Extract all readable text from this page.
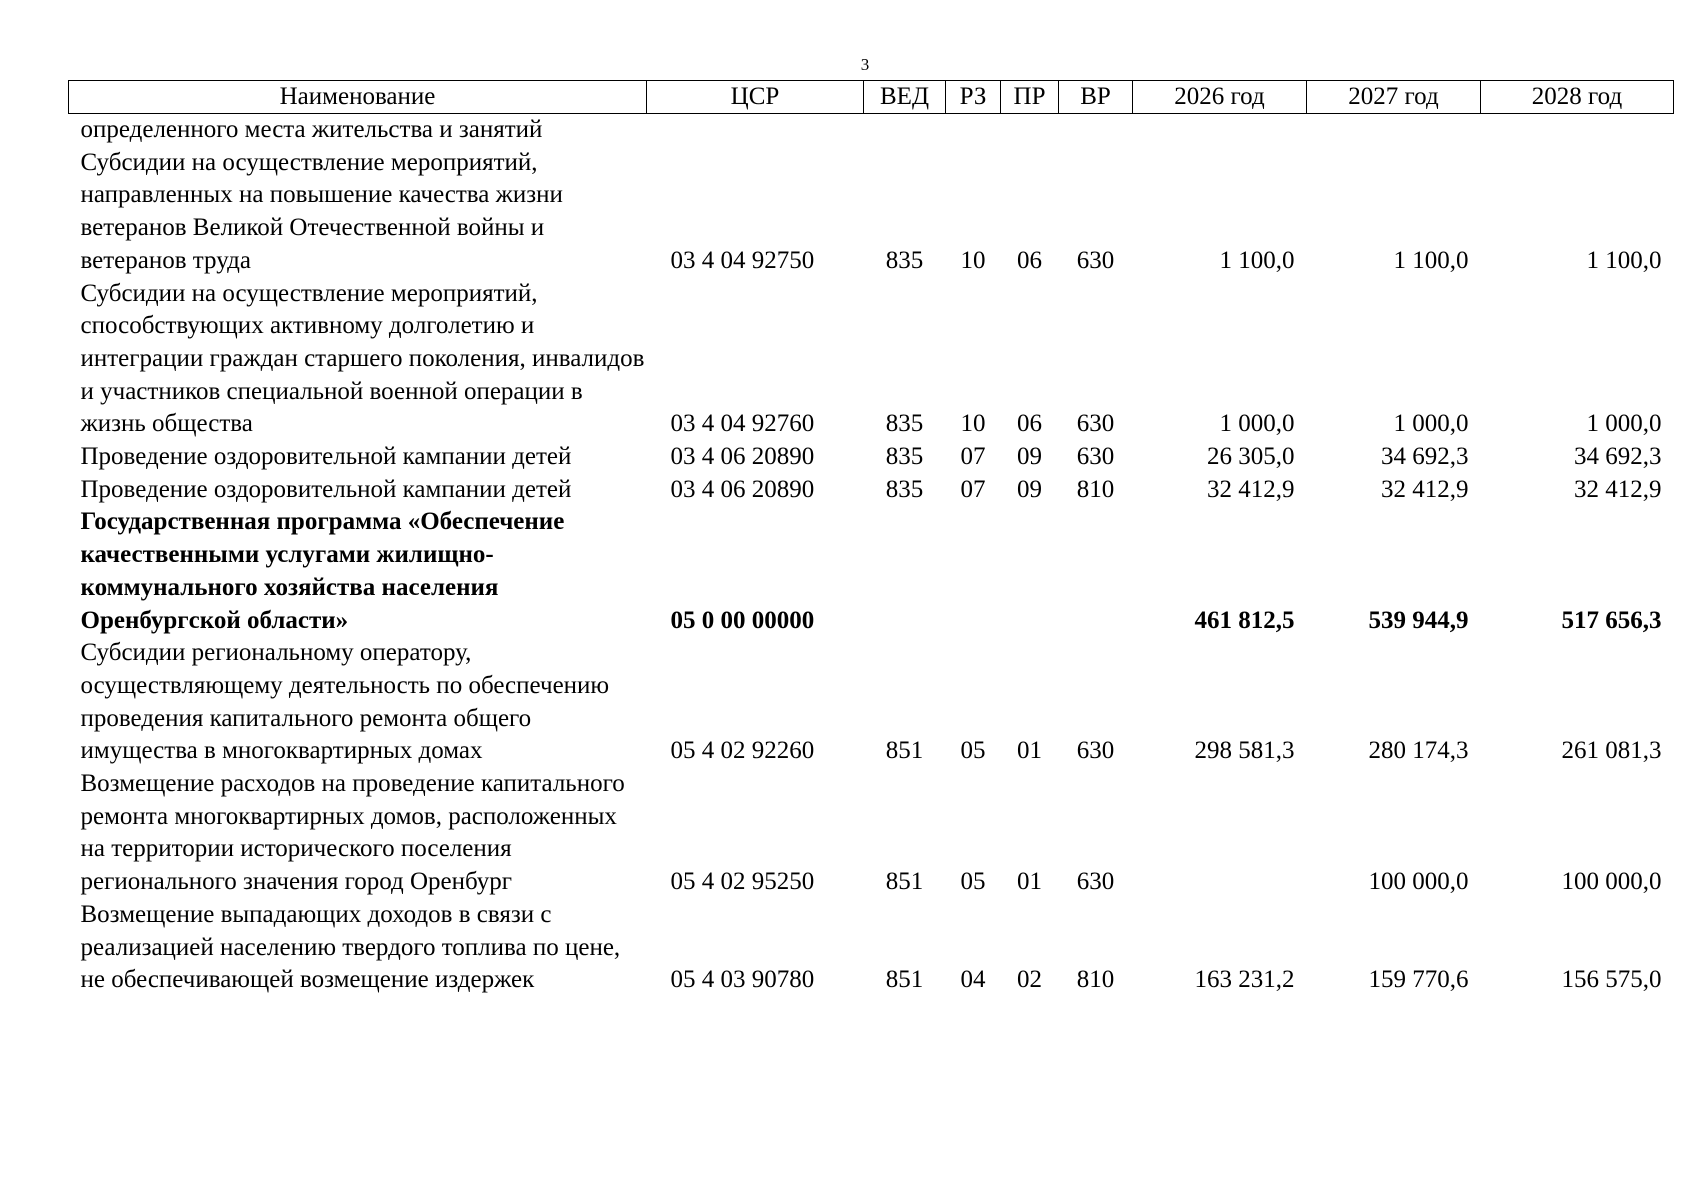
3
Наименование	ЦСР	ВЕД	РЗ	ПР	ВР	2026 год	2027 год	2028 год
определенного места жительства и занятий								
Субсидии на осуществление мероприятий, направленных на повышение качества жизни ветеранов Великой Отечественной войны и ветеранов труда	03 4 04 92750	835	10	06	630	1 100,0	1 100,0	1 100,0
Субсидии на осуществление мероприятий, способствующих активному долголетию и интеграции граждан старшего поколения, инвалидов и участников специальной военной операции в жизнь общества	03 4 04 92760	835	10	06	630	1 000,0	1 000,0	1 000,0
Проведение оздоровительной кампании детей	03 4 06 20890	835	07	09	630	26 305,0	34 692,3	34 692,3
Проведение оздоровительной кампании детей	03 4 06 20890	835	07	09	810	32 412,9	32 412,9	32 412,9
Государственная программа «Обеспечение качественными услугами жилищно-коммунального хозяйства населения Оренбургской области»	05 0 00 00000					461 812,5	539 944,9	517 656,3
Субсидии региональному оператору, осуществляющему деятельность по обеспечению проведения капитального ремонта общего имущества в многоквартирных домах	05 4 02 92260	851	05	01	630	298 581,3	280 174,3	261 081,3
Возмещение расходов на проведение капитального ремонта многоквартирных домов, расположенных на территории исторического поселения регионального значения город Оренбург	05 4 02 95250	851	05	01	630		100 000,0	100 000,0
Возмещение выпадающих доходов в связи с реализацией населению твердого топлива по цене, не обеспечивающей возмещение издержек	05 4 03 90780	851	04	02	810	163 231,2	159 770,6	156 575,0
